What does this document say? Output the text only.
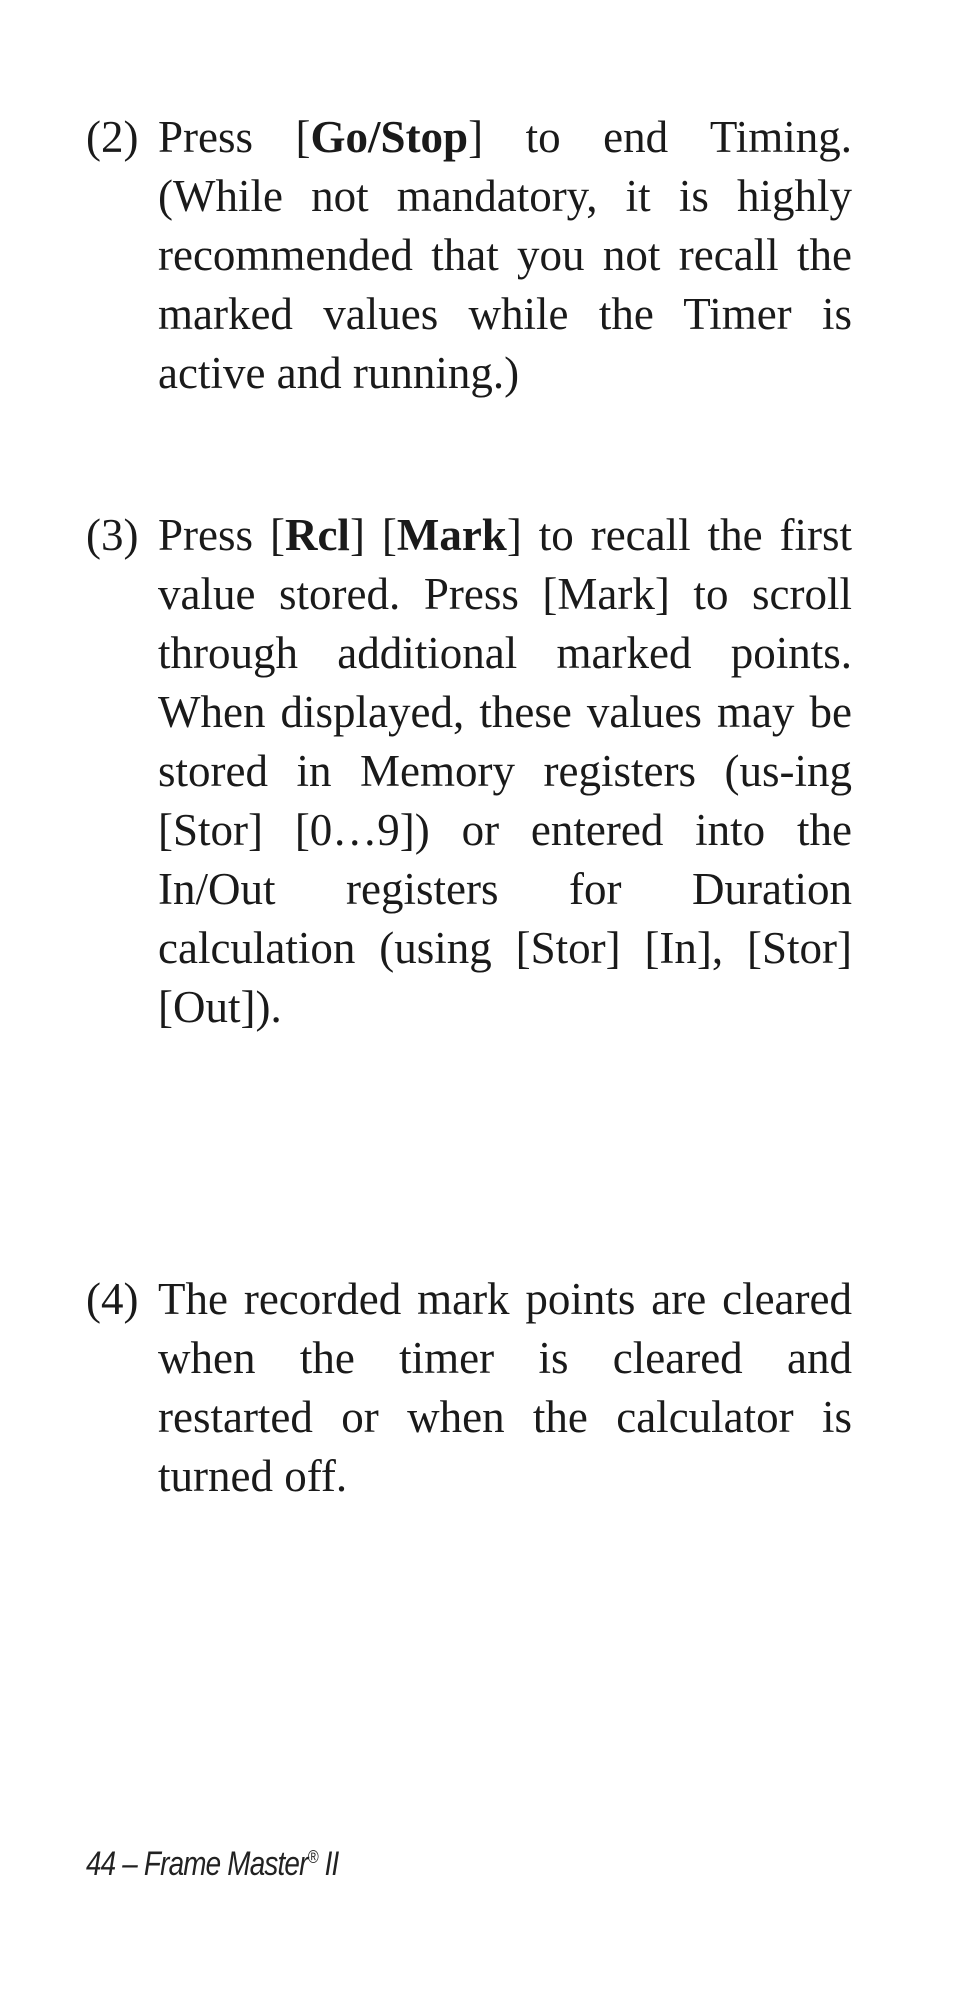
(2) Press [Go/Stop] to end Timing. (While not mandatory, it is highly recommended that you not recall the marked values while the Timer is active and running.)
(3) Press [Rcl] [Mark] to recall the first value stored. Press [Mark] to scroll through additional marked points. When displayed, these values may be stored in Memory registers (us-ing [Stor] [0…9]) or entered into the In/Out registers for Duration calculation (using [Stor] [In], [Stor] [Out]).
(4) The recorded mark points are cleared when the timer is cleared and restarted or when the calculator is turned off.
44 – Frame Master® II
